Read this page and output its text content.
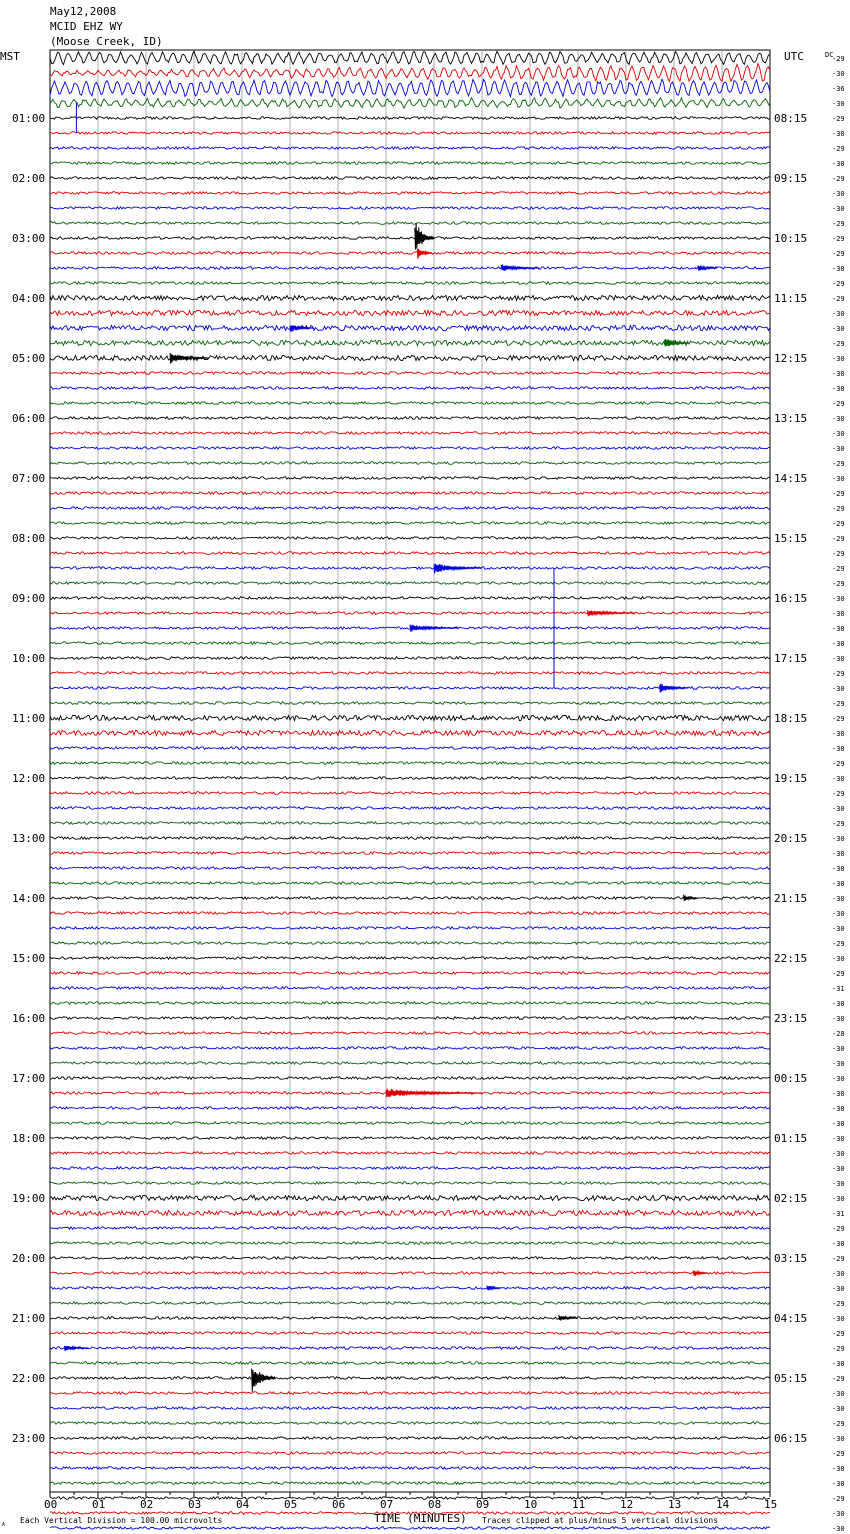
May12,2008
MCID EHZ WY
(Moose Creek, ID)
01:00
02:00
03:00
04:00
05:00
06:00
07:00
08:00
09:00
10:00
11:00
12:00
13:00
14:00
15:00
16:00
17:00
18:00
19:00
20:00
21:00
22:00
23:00
08:15
09:15
10:15
11:15
12:15
13:15
14:15
15:15
16:15
17:15
18:15
19:15
20:15
21:15
22:15
23:15
00:15
01:15
02:15
03:15
04:15
05:15
06:15
-29
-30
-36
-30
-29
-30
-29
-30
-29
-30
-30
-29
-29
-29
-30
-29
-29
-30
-30
-29
-30
-30
-30
-29
-30
-30
-30
-29
-30
-29
-29
-29
-29
-29
-29
-29
-30
-30
-30
-30
-30
-29
-30
-29
-29
-30
-30
-29
-30
-29
-30
-29
-30
-30
-30
-30
-30
-30
-30
-29
-30
-29
-31
-30
-30
-28
-30
-30
-30
-30
-30
-30
-30
-30
-30
-30
-30
-31
-29
-30
-29
-30
-30
-29
-30
-29
-29
-30
-29
-30
-30
-29
-30
-29
-30
-30
-29
-30
-30
00	01	02	03	04	05	06	07	08	09	10	11	12	13	14	15
MST	UTC	DC
TIME (MINUTES)
A Each Vertical Division = 100.00 microvolts	Traces clipped at plus/minus 5 vertical divisions
